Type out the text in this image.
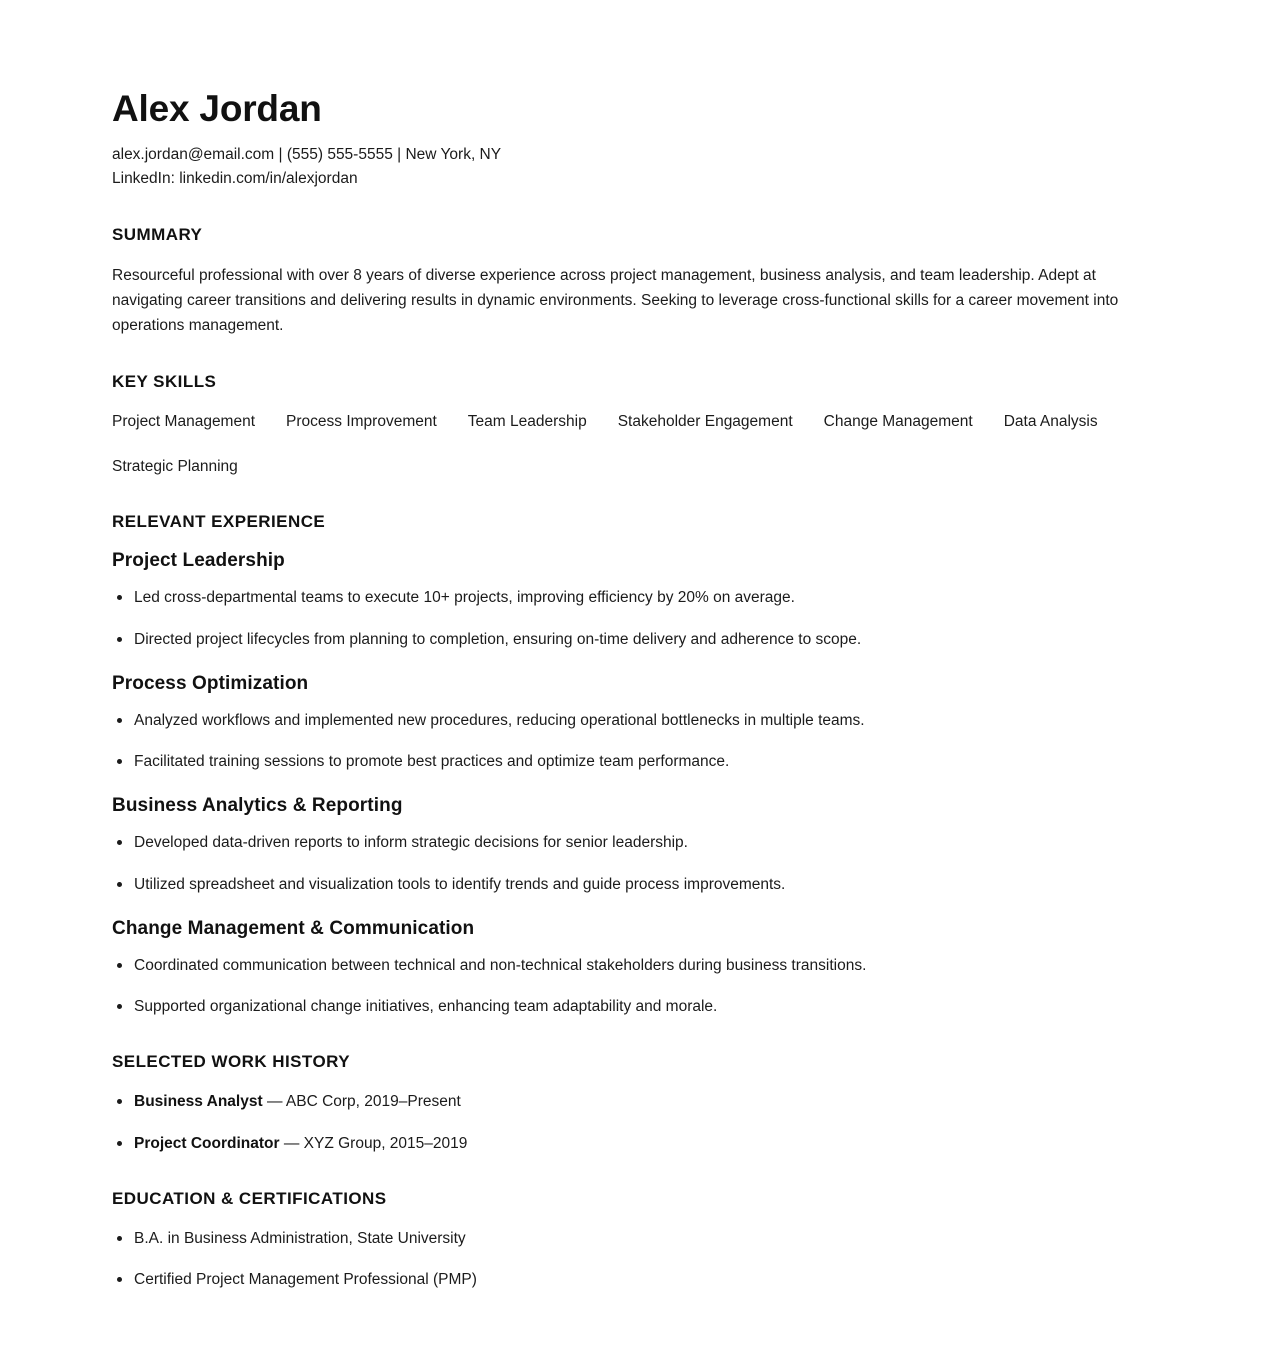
Alex Jordan

alex.jordan@email.com | (555) 555-5555 | New York, NY

LinkedIn: linkedin.com/in/alexjordan

SUMMARY

Resourceful professional with over 8 years of diverse experience across project management, business analysis, and team leadership. Adept at navigating career transitions and delivering results in dynamic environments. Seeking to leverage cross-functional skills for a career movement into operations management.

KEY SKILLS
Project Management Process Improvement Team Leadership Stakeholder Engagement Change Management Data Analysis
Strategic Planning
RELEVANT EXPERIENCE
Project Leadership
Led cross-departmental teams to execute 10+ projects, improving efficiency by 20% on average.
Directed project lifecycles from planning to completion, ensuring on-time delivery and adherence to scope.
Process Optimization
Analyzed workflows and implemented new procedures, reducing operational bottlenecks in multiple teams.
Facilitated training sessions to promote best practices and optimize team performance.
Business Analytics & Reporting
Developed data-driven reports to inform strategic decisions for senior leadership.
Utilized spreadsheet and visualization tools to identify trends and guide process improvements.
Change Management & Communication
Coordinated communication between technical and non-technical stakeholders during business transitions.
Supported organizational change initiatives, enhancing team adaptability and morale.
SELECTED WORK HISTORY
Business Analyst — ABC Corp, 2019–Present
Project Coordinator — XYZ Group, 2015–2019
EDUCATION & CERTIFICATIONS
B.A. in Business Administration, State University
Certified Project Management Professional (PMP)
